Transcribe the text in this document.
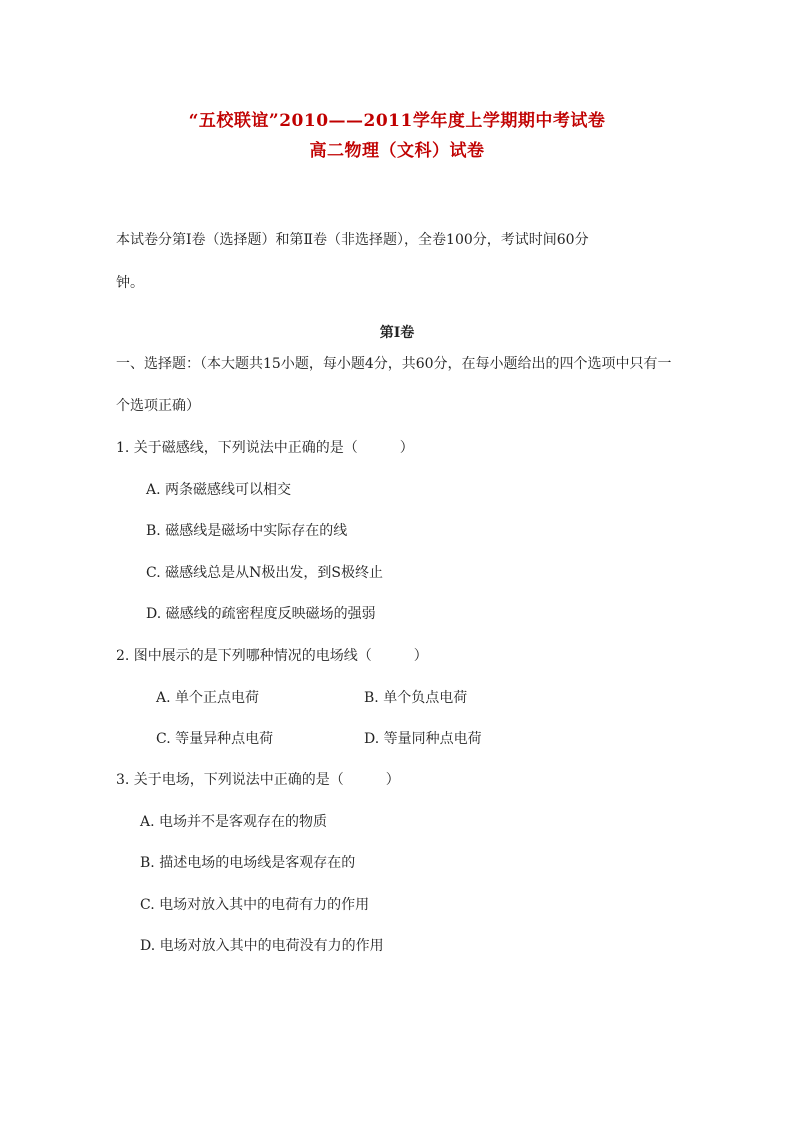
“五校联谊”2010——2011学年度上学期期中考试卷
高二物理（文科）试卷
本试卷分第Ⅰ卷（选择题）和第Ⅱ卷（非选择题），全卷100分，考试时间60分
钟。
第Ⅰ卷
一、选择题：（本大题共15小题，每小题4分，共60分，在每小题给出的四个选项中只有一
个选项正确）
1. 关于磁感线，下列说法中正确的是（　　　）
A. 两条磁感线可以相交
B. 磁感线是磁场中实际存在的线
C. 磁感线总是从N极出发，到S极终止
D. 磁感线的疏密程度反映磁场的强弱
2. 图中展示的是下列哪种情况的电场线（　　　）
A. 单个正点电荷	B. 单个负点电荷
C. 等量异种点电荷	D. 等量同种点电荷
3. 关于电场，下列说法中正确的是（　　　）
A. 电场并不是客观存在的物质
B. 描述电场的电场线是客观存在的
C. 电场对放入其中的电荷有力的作用
D. 电场对放入其中的电荷没有力的作用
